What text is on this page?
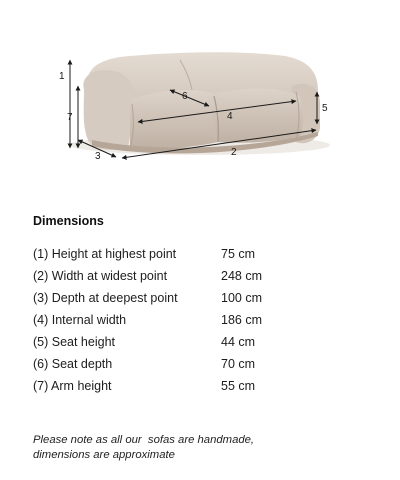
1
2
3
4
5
6
7
Dimensions
(1) Height at highest point	75 cm
(2) Width at widest point	248 cm
(3) Depth at deepest point	100 cm
(4) Internal width	186 cm
(5) Seat height	44 cm
(6) Seat depth	70 cm
(7) Arm height	55 cm

Please note as all our  sofas are handmade,
dimensions are approximate
